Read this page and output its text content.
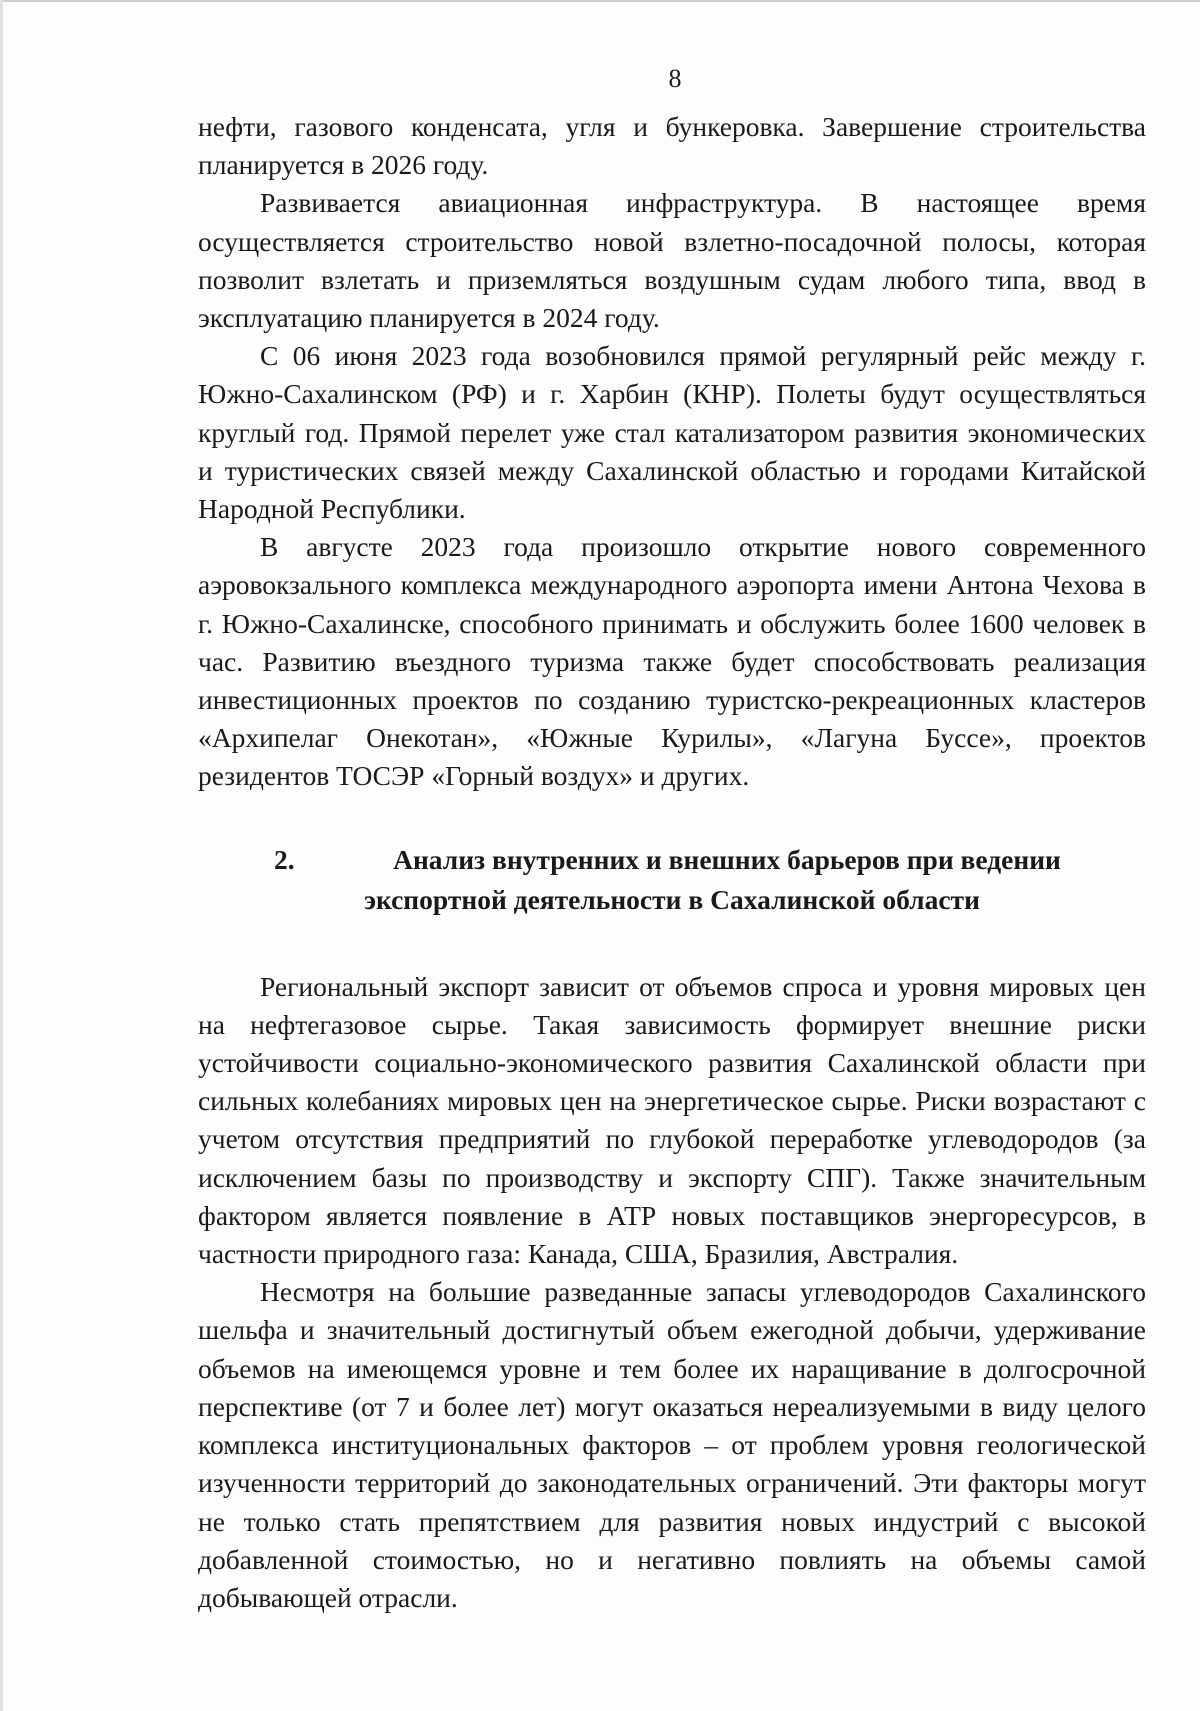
8

нефти, газового конденсата, угля и бункеровка. Завершение строительства планируется в 2026 году.

Развивается авиационная инфраструктура. В настоящее время осуществляется строительство новой взлетно-посадочной полосы, которая позволит взлетать и приземляться воздушным судам любого типа, ввод в эксплуатацию планируется в 2024 году.

С 06 июня 2023 года возобновился прямой регулярный рейс между г. Южно-Сахалинском (РФ) и г. Харбин (КНР). Полеты будут осуществляться круглый год. Прямой перелет уже стал катализатором развития экономических и туристических связей между Сахалинской областью и городами Китайской Народной Республики.

В августе 2023 года произошло открытие нового современного аэровокзального комплекса международного аэропорта имени Антона Чехова в г. Южно-Сахалинске, способного принимать и обслужить более 1600 человек в час. Развитию въездного туризма также будет способствовать реализация инвестиционных проектов по созданию туристско-рекреационных кластеров «Архипелаг Онекотан», «Южные Курилы», «Лагуна Буссе», проектов резидентов ТОСЭР «Горный воздух» и других.

2.	Анализ внутренних и внешних барьеров при ведении
экспортной деятельности в Сахалинской области

Региональный экспорт зависит от объемов спроса и уровня мировых цен на нефтегазовое сырье. Такая зависимость формирует внешние риски устойчивости социально-экономического развития Сахалинской области при сильных колебаниях мировых цен на энергетическое сырье. Риски возрастают с учетом отсутствия предприятий по глубокой переработке углеводородов (за исключением базы по производству и экспорту СПГ). Также значительным фактором является появление в АТР новых поставщиков энергоресурсов, в частности природного газа: Канада, США, Бразилия, Австралия.

Несмотря на большие разведанные запасы углеводородов Сахалинского шельфа и значительный достигнутый объем ежегодной добычи, удерживание объемов на имеющемся уровне и тем более их наращивание в долгосрочной перспективе (от 7 и более лет) могут оказаться нереализуемыми в виду целого комплекса институциональных факторов – от проблем уровня геологической изученности территорий до законодательных ограничений. Эти факторы могут не только стать препятствием для развития новых индустрий с высокой добавленной стоимостью, но и негативно повлиять на объемы самой добывающей отрасли.
